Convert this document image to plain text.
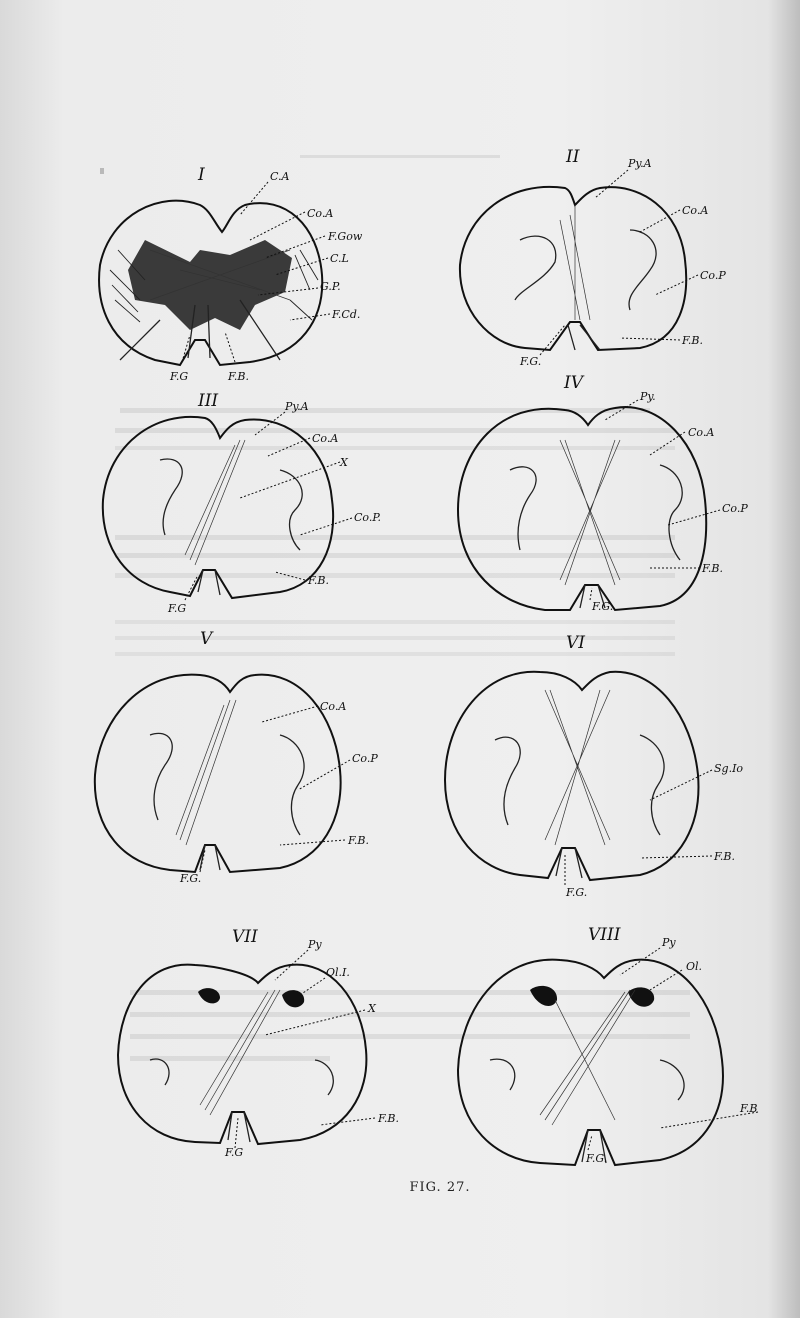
I
II
III
IV
V	VI
VII	VIII
C.A
Co.A
F.Gow
C.L
G.P.
F.Cd.
F.G	F.B.
Py.A
Co.A
Co.P
F.G.
F.B.
Py.A
Co.A
X
Co.P.
F.B.
F.G
Py.
Co.A
Co.P
F.B.
F.G.
Co.A
Co.P
F.B.
F.G.
Sg.Io
F.B.
F.G.
Py
Ol.I.
X
F.B.
F.G
Py
Ol.
F.B
F.G.
FIG. 27.
